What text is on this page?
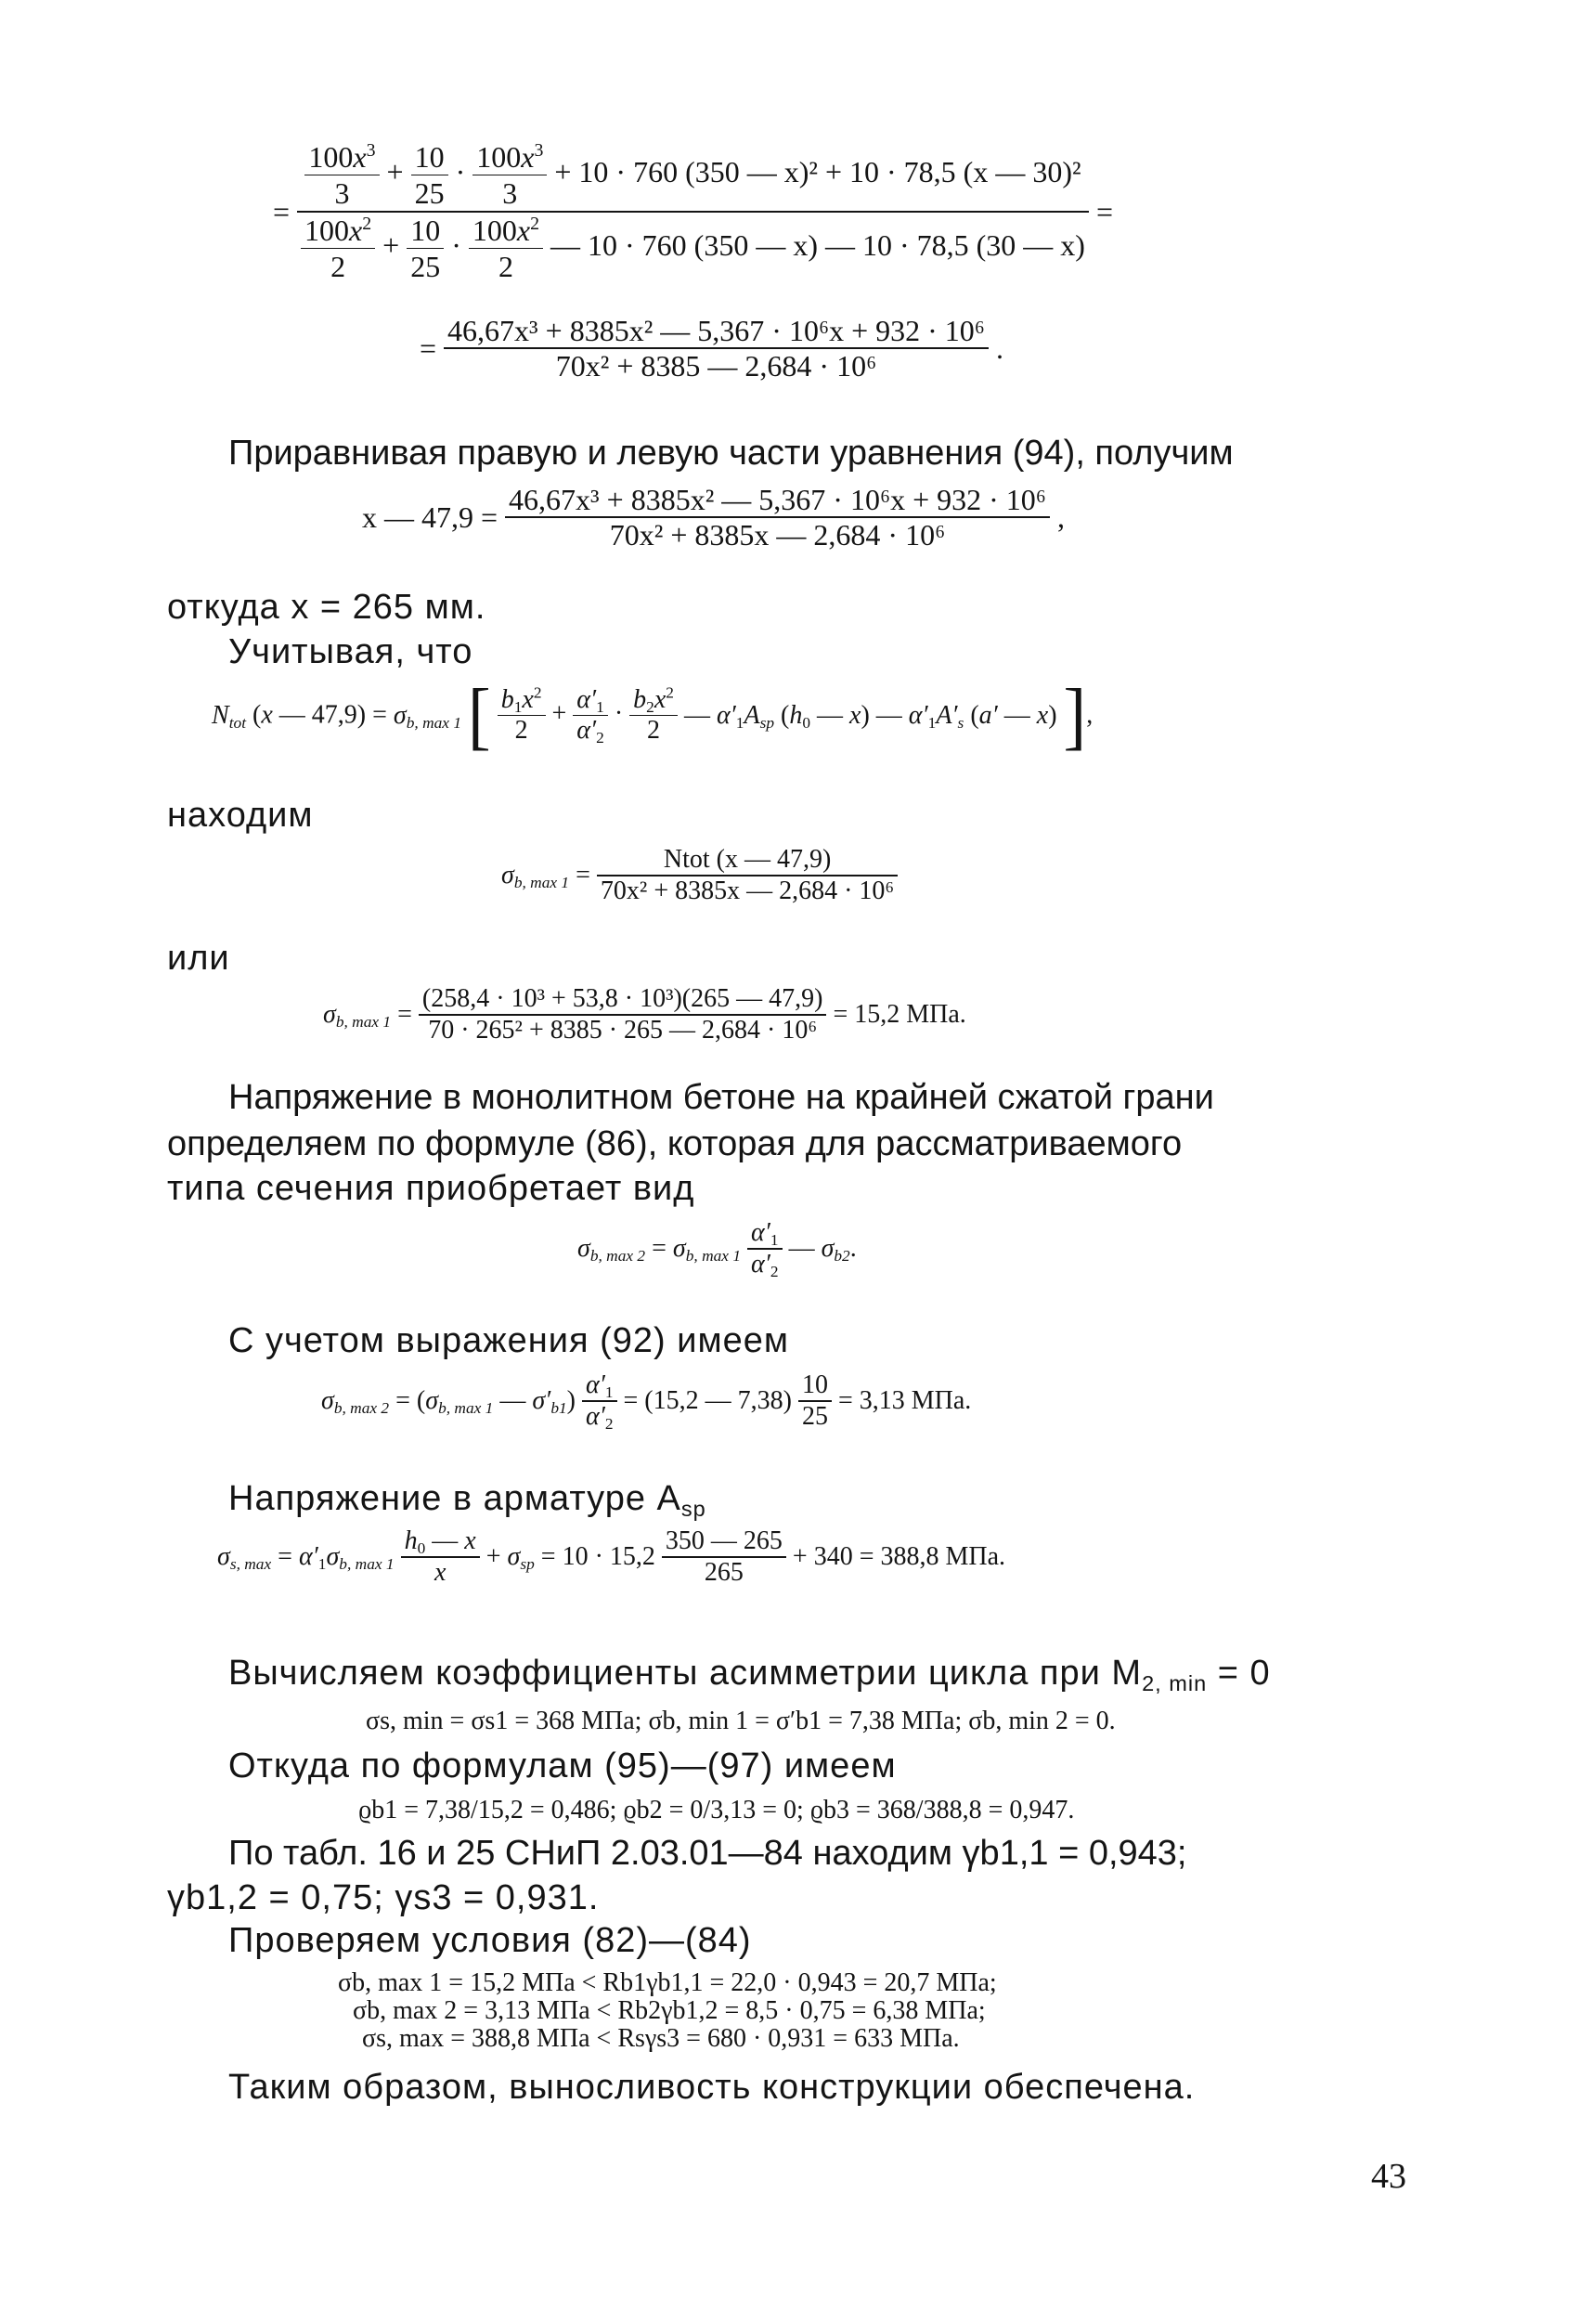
=
$\frac{100x^3}{3} + \frac{10}{25} \cdot \frac{100x^3}{3} + 10 \cdot 760$ (350 — x)² + 10 · 78,5 (x — 30)²
$\frac{100x^2}{2} + \frac{10}{25} \cdot \frac{100x^2}{2}$ — 10 · 760 (350 — x) — 10 · 78,5 (30 — x)
=
= $\frac{\text{46,67x³ + 8385x² — 5,367 · 10⁶x + 932 · 10⁶}}{\text{70x² + 8385 — 2,684 · 10⁶}}$ .
Приравнивая правую и левую части уравнения (94), получим
x — $47,9 = \frac{\text{46,67x³ + 8385x² — 5,367 · 10⁶x + 932 · 10⁶}}{\text{70x² + 8385x — 2,684 · 10⁶}}$ ,
откуда x = 265 мм.
Учитывая, что
$N_{tot}$ (x — $47,9) = \sigma_{b, max 1}$ [ $\frac{b_1x^2}{2} + \frac{\alpha'_1}{\alpha'_2} \cdot \frac{b_2x^2}{2}$ — $\alpha'_1A_{sp}$ ($h_0$ — x) — $\alpha'_1A'_s$ (a′ — x) ],
находим
$\sigma_{b, max 1} = \frac{\text{Ntot (x — 47,9)}}{\text{70x² + 8385x — 2,684 · 10⁶}}$
или
$\sigma_{b, max 1} = \frac{\text{(258,4 · 10³ + 53,8 · 10³)(265 — 47,9)}}{\text{70 · 265² + 8385 · 265 — 2,684 · 10⁶}} = 15,2$ МПа.
Напряжение в монолитном бетоне на крайней сжатой грани
определяем по формуле (86), которая для рассматриваемого
типа сечения приобретает вид
$\sigma_{b, max 2} = \sigma_{b, max 1} \frac{\alpha'_1}{\alpha'_2}$ — $\sigma_{b2}$.
С учетом выражения (92) имеем
$\sigma_{b, max 2} = (\sigma_{b, max 1}$ — $\sigma'_{b1}) \frac{\alpha'_1}{\alpha'_2} = (15,2$ — $7,38) \frac{10}{25} = 3,13$ МПа.
Напряжение в арматуре $A_{sp}$
$\sigma_{s, max} = \alpha'_1\sigma_{b, max 1} \frac{h_0 — x}{x} + \sigma_{sp} = 10 \cdot 15,2 \frac{350 — 265}{265} + 340 = 388,8$ МПа.
Вычисляем коэффициенты асимметрии цикла при $M_{2, min} = 0$
σs, min = σs1 = 368 МПа; σb, min 1 = σ′b1 = 7,38 МПа; σb, min 2 = 0.
Откуда по формулам (95)—(97) имеем
ϱb1 = 7,38/15,2 = 0,486; ϱb2 = 0/3,13 = 0; ϱb3 = 368/388,8 = 0,947.
По табл. 16 и 25 СНиП 2.03.01—84 находим γb1,1 = 0,943;
γb1,2 = 0,75; γs3 = 0,931.
Проверяем условия (82)—(84)
σb, max 1 = 15,2 МПа < Rb1γb1,1 = 22,0 · 0,943 = 20,7 МПа;
σb, max 2 = 3,13 МПа < Rb2γb1,2 = 8,5 · 0,75 = 6,38 МПа;
σs, max = 388,8 МПа < Rsγs3 = 680 · 0,931 = 633 МПа.
Таким образом, выносливость конструкции обеспечена.
43
